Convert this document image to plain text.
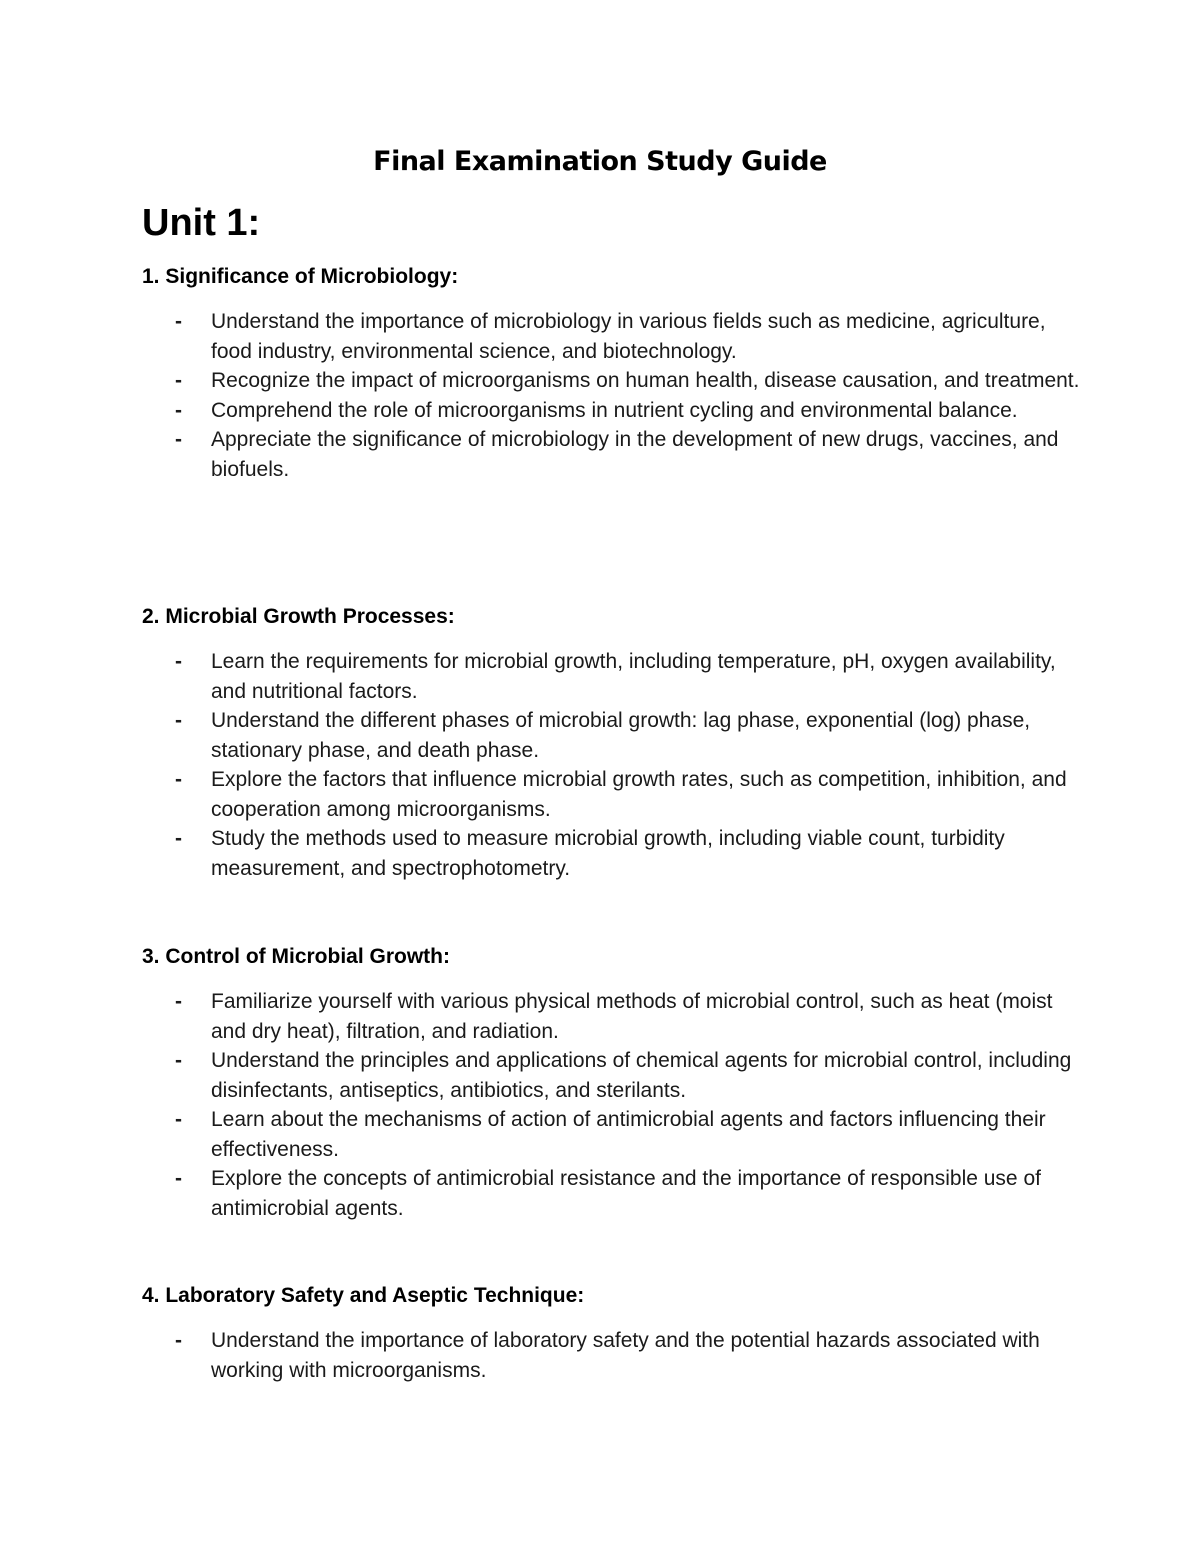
Final Examination Study Guide
Unit 1:

1. Significance of Microbiology:

- Understand the importance of microbiology in various fields such as medicine, agriculture, food industry, environmental science, and biotechnology.
- Recognize the impact of microorganisms on human health, disease causation, and treatment.
- Comprehend the role of microorganisms in nutrient cycling and environmental balance.
- Appreciate the significance of microbiology in the development of new drugs, vaccines, and biofuels.

2. Microbial Growth Processes:

- Learn the requirements for microbial growth, including temperature, pH, oxygen availability, and nutritional factors.
- Understand the different phases of microbial growth: lag phase, exponential (log) phase, stationary phase, and death phase.
- Explore the factors that influence microbial growth rates, such as competition, inhibition, and cooperation among microorganisms.
- Study the methods used to measure microbial growth, including viable count, turbidity measurement, and spectrophotometry.

3. Control of Microbial Growth:

- Familiarize yourself with various physical methods of microbial control, such as heat (moist and dry heat), filtration, and radiation.
- Understand the principles and applications of chemical agents for microbial control, including disinfectants, antiseptics, antibiotics, and sterilants.
- Learn about the mechanisms of action of antimicrobial agents and factors influencing their effectiveness.
- Explore the concepts of antimicrobial resistance and the importance of responsible use of antimicrobial agents.

4. Laboratory Safety and Aseptic Technique:

- Understand the importance of laboratory safety and the potential hazards associated with working with microorganisms.
